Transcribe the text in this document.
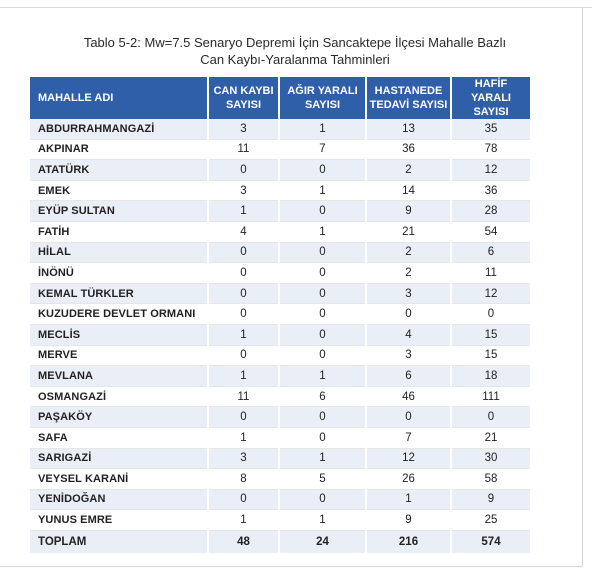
Tablo 5-2: Mw=7.5 Senaryo Depremi İçin Sancaktepe İlçesi Mahalle Bazlı
Can Kaybı-Yaralanma Tahminleri
MAHALLE ADI	CAN KAYBI SAYISI	AĞIR YARALI SAYISI	HASTANEDE TEDAVİ SAYISI	HAFİF YARALI SAYISI
ABDURRAHMANGAZİ	3	1	13	35
AKPINAR	11	7	36	78
ATATÜRK	0	0	2	12
EMEK	3	1	14	36
EYÜP SULTAN	1	0	9	28
FATİH	4	1	21	54
HİLAL	0	0	2	6
İNÖNÜ	0	0	2	11
KEMAL TÜRKLER	0	0	3	12
KUZUDERE DEVLET ORMANI	0	0	0	0
MECLİS	1	0	4	15
MERVE	0	0	3	15
MEVLANA	1	1	6	18
OSMANGAZİ	11	6	46	111
PAŞAKÖY	0	0	0	0
SAFA	1	0	7	21
SARIGAZİ	3	1	12	30
VEYSEL KARANİ	8	5	26	58
YENİDOĞAN	0	0	1	9
YUNUS EMRE	1	1	9	25
TOPLAM	48	24	216	574
